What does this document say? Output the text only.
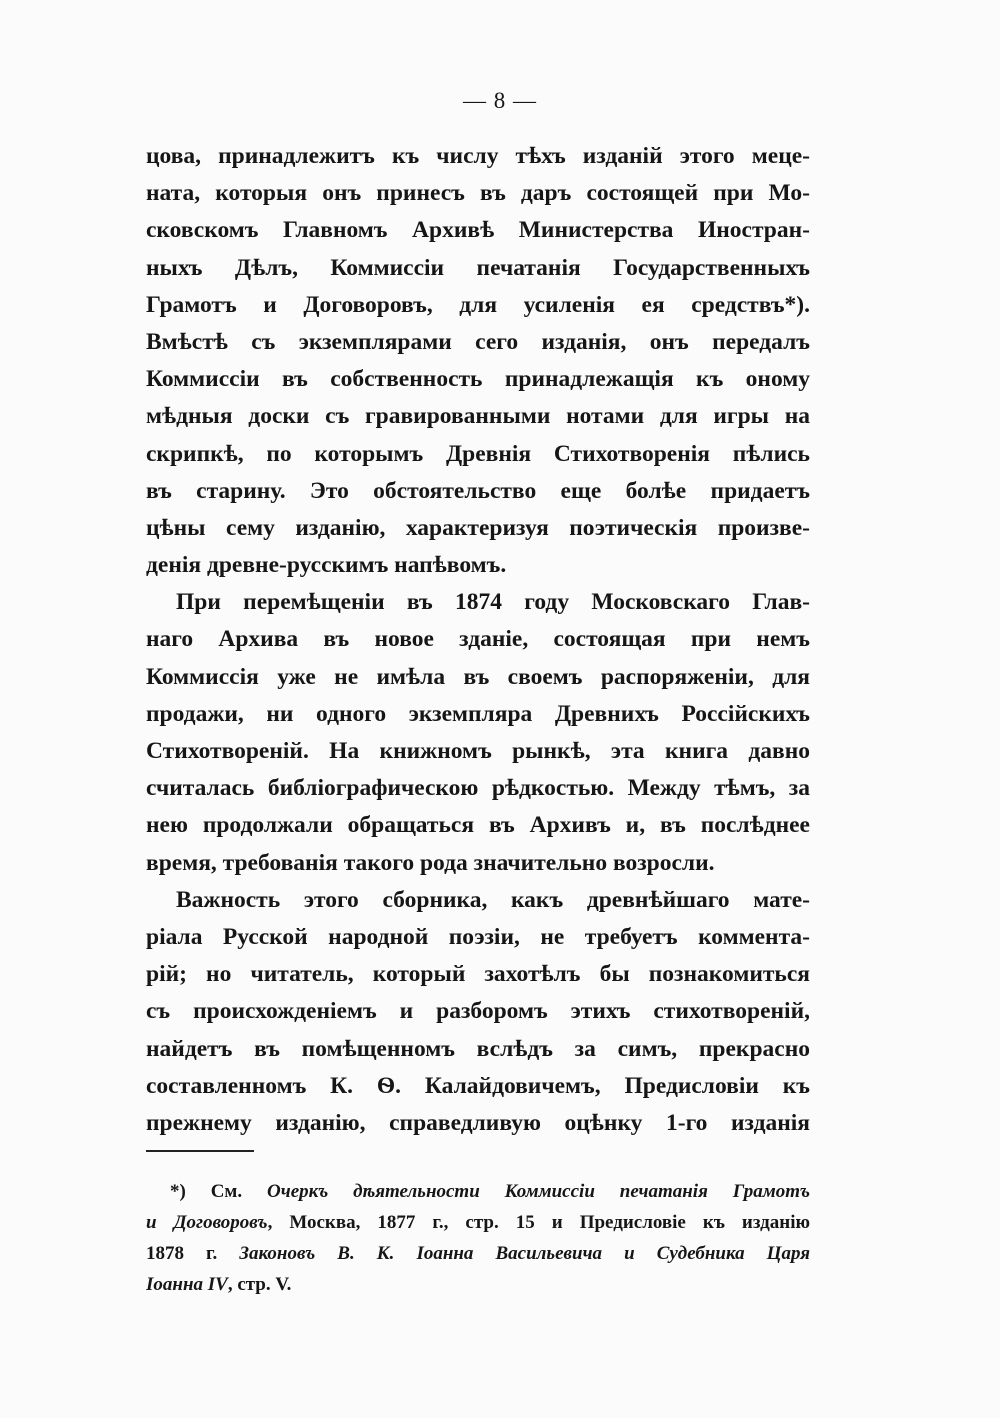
— 8 —
цова, принадлежитъ къ числу тѣхъ изданій этого мецe-
ната, которыя онъ принесъ въ даръ состоящей при Мо-
сковскомъ Главномъ Архивѣ Министерства Иностран-
ныхъ Дѣлъ, Коммиссіи печатанія Государственныхъ
Грамотъ и Договоровъ, для усиленія ея средствъ*).
Вмѣстѣ съ экземплярами сего изданія, онъ передалъ
Коммиссіи въ собственность принадлежащія къ оному
мѣдныя доски съ гравированными нотами для игры на
скрипкѣ, по которымъ Древнія Стихотворенія пѣлись
въ старину. Это обстоятельство еще болѣе придаетъ
цѣны сему изданію, характеризуя поэтическія произве-
денія древне-русскимъ напѣвомъ.
При перемѣщеніи въ 1874 году Московскаго Глав-
наго Архива въ новое зданіе, состоящая при немъ
Коммиссія уже не имѣла въ своемъ распоряженіи, для
продажи, ни одного экземпляра Древнихъ Россійскихъ
Стихотвореній. На книжномъ рынкѣ, эта книга давно
считалась библіографическою рѣдкостью. Между тѣмъ, за
нею продолжали обращаться въ Архивъ и, въ послѣднее
время, требованія такого рода значительно возросли.
Важность этого сборника, какъ древнѣйшаго мате-
ріала Русской народной поэзіи, не требуетъ коммента-
рій; но читатель, который захотѣлъ бы познакомиться
съ происхожденіемъ и разборомъ этихъ стихотвореній,
найдетъ въ помѣщенномъ вслѣдъ за симъ, прекрасно
составленномъ К. Ѳ. Калайдовичемъ, Предисловіи къ
прежнему изданію, справедливую оцѣнку 1-го изданія
*) См. Очеркъ дѣятельности Коммиссіи печатанія Грамотъ
и Договоровъ, Москва, 1877 г., стр. 15 и Предисловіе къ изданію
1878 г. Законовъ В. К. Іоанна Васильевича и Судебника Царя
Іоанна IV, стр. V.
